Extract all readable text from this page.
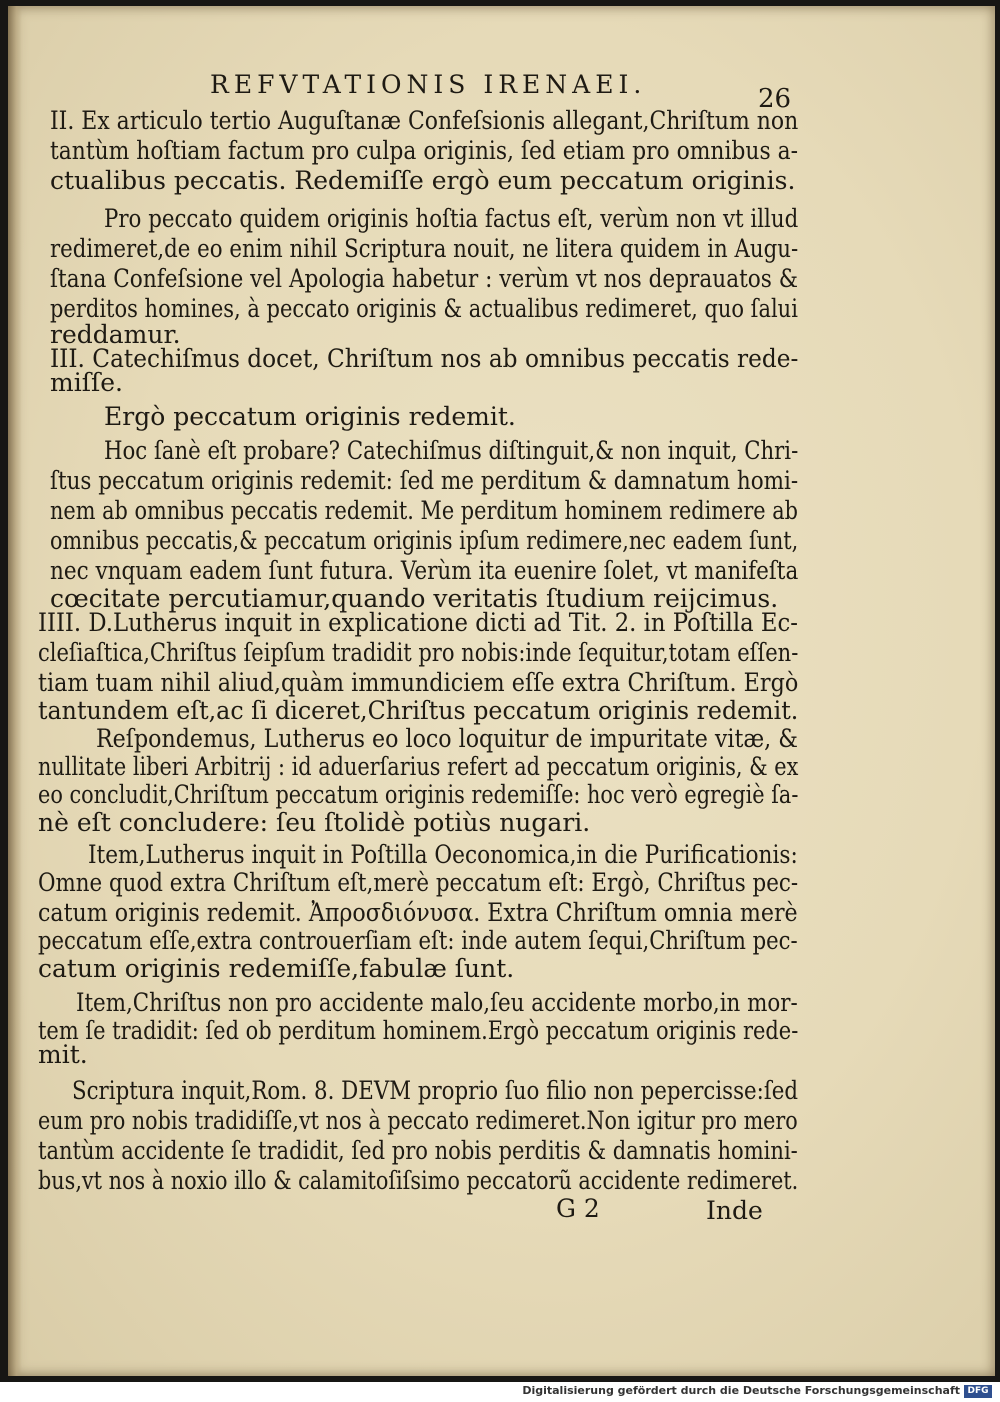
REFVTATIONIS IRENAEI.	26
II. Ex articulo tertio Auguſtanæ Confeſsionis allegant,Chriſtum non
tantùm hoſtiam factum pro culpa originis, ſed etiam pro omnibus a-
ctualibus peccatis. Redemiſſe ergò eum peccatum originis.
Pro peccato quidem originis hoſtia factus eſt, verùm non vt illud
redimeret,de eo enim nihil Scriptura nouit, ne litera quidem in Augu-
ſtana Confeſsione vel Apologia habetur : verùm vt nos deprauatos &
perditos homines, à peccato originis & actualibus redimeret, quo ſalui
reddamur.
III. Catechiſmus docet, Chriſtum nos ab omnibus peccatis rede-
miſſe.
Ergò peccatum originis redemit.
Hoc ſanè eſt probare? Catechiſmus diſtinguit,& non inquit, Chri-
ſtus peccatum originis redemit: ſed me perditum & damnatum homi-
nem ab omnibus peccatis redemit. Me perditum hominem redimere ab
omnibus peccatis,& peccatum originis ipſum redimere,nec eadem ſunt,
nec vnquam eadem ſunt futura. Verùm ita euenire ſolet, vt manifeſta
cœcitate percutiamur,quando veritatis ſtudium reijcimus.
IIII. D.Lutherus inquit in explicatione dicti ad Tit. 2. in Poſtilla Ec-
cleſiaſtica,Chriſtus ſeipſum tradidit pro nobis:inde ſequitur,totam eſſen-
tiam tuam nihil aliud,quàm immundiciem eſſe extra Chriſtum. Ergò
tantundem eſt,ac ſi diceret,Chriſtus peccatum originis redemit.
Reſpondemus, Lutherus eo loco loquitur de impuritate vitæ, &
nullitate liberi Arbitrij : id aduerſarius refert ad peccatum originis, & ex
eo concludit,Chriſtum peccatum originis redemiſſe: hoc verò egregiè ſa-
nè eſt concludere: ſeu ſtolidè potiùs nugari.
Item,Lutherus inquit in Poſtilla Oeconomica,in die Purificationis:
Omne quod extra Chriſtum eſt,merè peccatum eſt: Ergò, Chriſtus pec-
catum originis redemit. Ἀπροσδιόνυσα. Extra Chriſtum omnia merè
peccatum eſſe,extra controuerſiam eſt: inde autem ſequi,Chriſtum pec-
catum originis redemiſſe,fabulæ ſunt.
Item,Chriſtus non pro accidente malo,ſeu accidente morbo,in mor-
tem ſe tradidit: ſed ob perditum hominem.Ergò peccatum originis rede-
mit.
Scriptura inquit,Rom. 8. DEVM proprio ſuo filio non pepercisse:ſed
eum pro nobis tradidiſſe,vt nos à peccato redimeret.Non igitur pro mero
tantùm accidente ſe tradidit, ſed pro nobis perditis & damnatis homini-
bus,vt nos à noxio illo & calamitoſiſsimo peccatorũ accidente redimeret.
G 2	Inde
Digitalisierung gefördert durch die Deutsche Forschungsgemeinschaft DFG
